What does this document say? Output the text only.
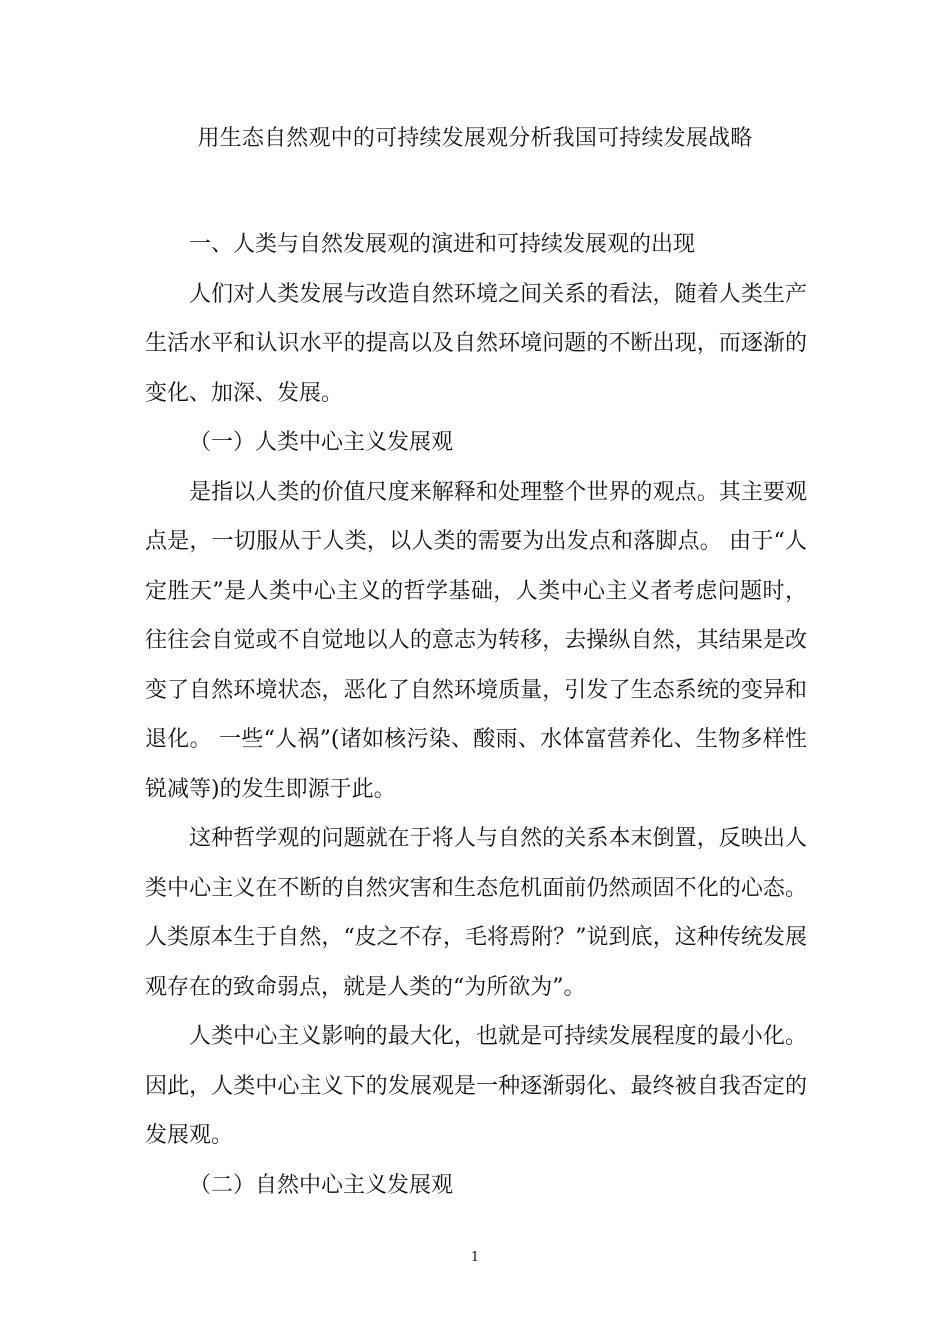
用生态自然观中的可持续发展观分析我国可持续发展战略

一、人类与自然发展观的演进和可持续发展观的出现

人们对人类发展与改造自然环境之间关系的看法，随着人类生产生活水平和认识水平的提高以及自然环境问题的不断出现，而逐渐的变化、加深、发展。

（一）人类中心主义发展观

是指以人类的价值尺度来解释和处理整个世界的观点。其主要观点是，一切服从于人类，以人类的需要为出发点和落脚点。 由于“人定胜天”是人类中心主义的哲学基础，人类中心主义者考虑问题时，往往会自觉或不自觉地以人的意志为转移，去操纵自然，其结果是改变了自然环境状态，恶化了自然环境质量，引发了生态系统的变异和退化。 一些“人祸”(诸如核污染、酸雨、水体富营养化、生物多样性锐减等)的发生即源于此。

这种哲学观的问题就在于将人与自然的关系本末倒置，反映出人类中心主义在不断的自然灾害和生态危机面前仍然顽固不化的心态。人类原本生于自然，“皮之不存，毛将焉附？”说到底，这种传统发展观存在的致命弱点，就是人类的“为所欲为”。

人类中心主义影响的最大化，也就是可持续发展程度的最小化。因此，人类中心主义下的发展观是一种逐渐弱化、最终被自我否定的发展观。

（二）自然中心主义发展观

1
